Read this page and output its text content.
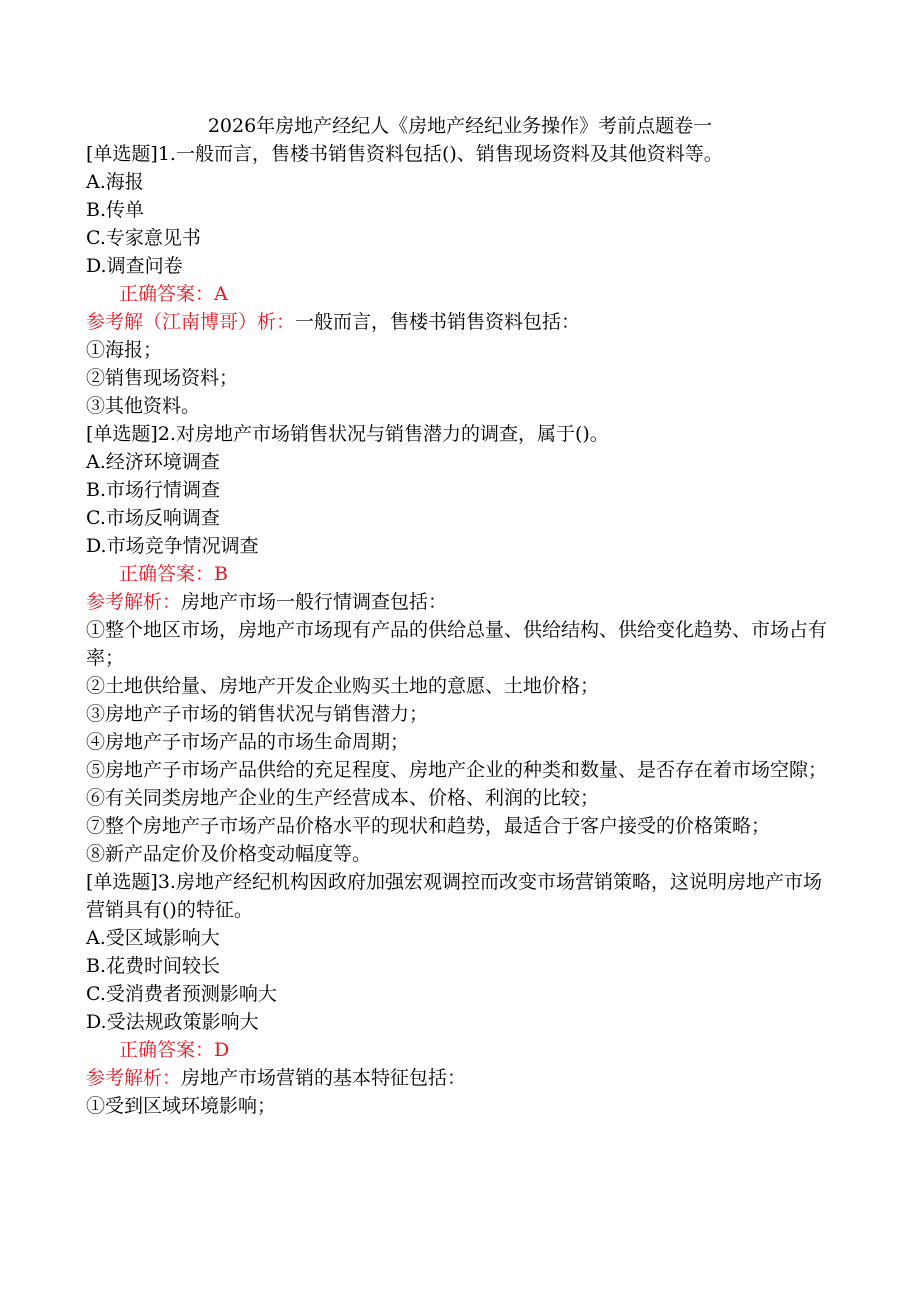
2026年房地产经纪人《房地产经纪业务操作》考前点题卷一

[单选题]1.一般而言，售楼书销售资料包括()、销售现场资料及其他资料等。

A.海报

B.传单

C.专家意见书

D.调查问卷

正确答案：A

参考解（江南博哥）析：一般而言，售楼书销售资料包括：

①海报；

②销售现场资料；

③其他资料。

[单选题]2.对房地产市场销售状况与销售潜力的调查，属于()。

A.经济环境调查

B.市场行情调查

C.市场反响调查

D.市场竞争情况调查

正确答案：B

参考解析：房地产市场一般行情调查包括：

①整个地区市场，房地产市场现有产品的供给总量、供给结构、供给变化趋势、市场占有率；

②土地供给量、房地产开发企业购买土地的意愿、土地价格；

③房地产子市场的销售状况与销售潜力；

④房地产子市场产品的市场生命周期；

⑤房地产子市场产品供给的充足程度、房地产企业的种类和数量、是否存在着市场空隙；

⑥有关同类房地产企业的生产经营成本、价格、利润的比较；

⑦整个房地产子市场产品价格水平的现状和趋势，最适合于客户接受的价格策略；

⑧新产品定价及价格变动幅度等。

[单选题]3.房地产经纪机构因政府加强宏观调控而改变市场营销策略，这说明房地产市场营销具有()的特征。

A.受区域影响大

B.花费时间较长

C.受消费者预测影响大

D.受法规政策影响大

正确答案：D

参考解析：房地产市场营销的基本特征包括：

①受到区域环境影响；
